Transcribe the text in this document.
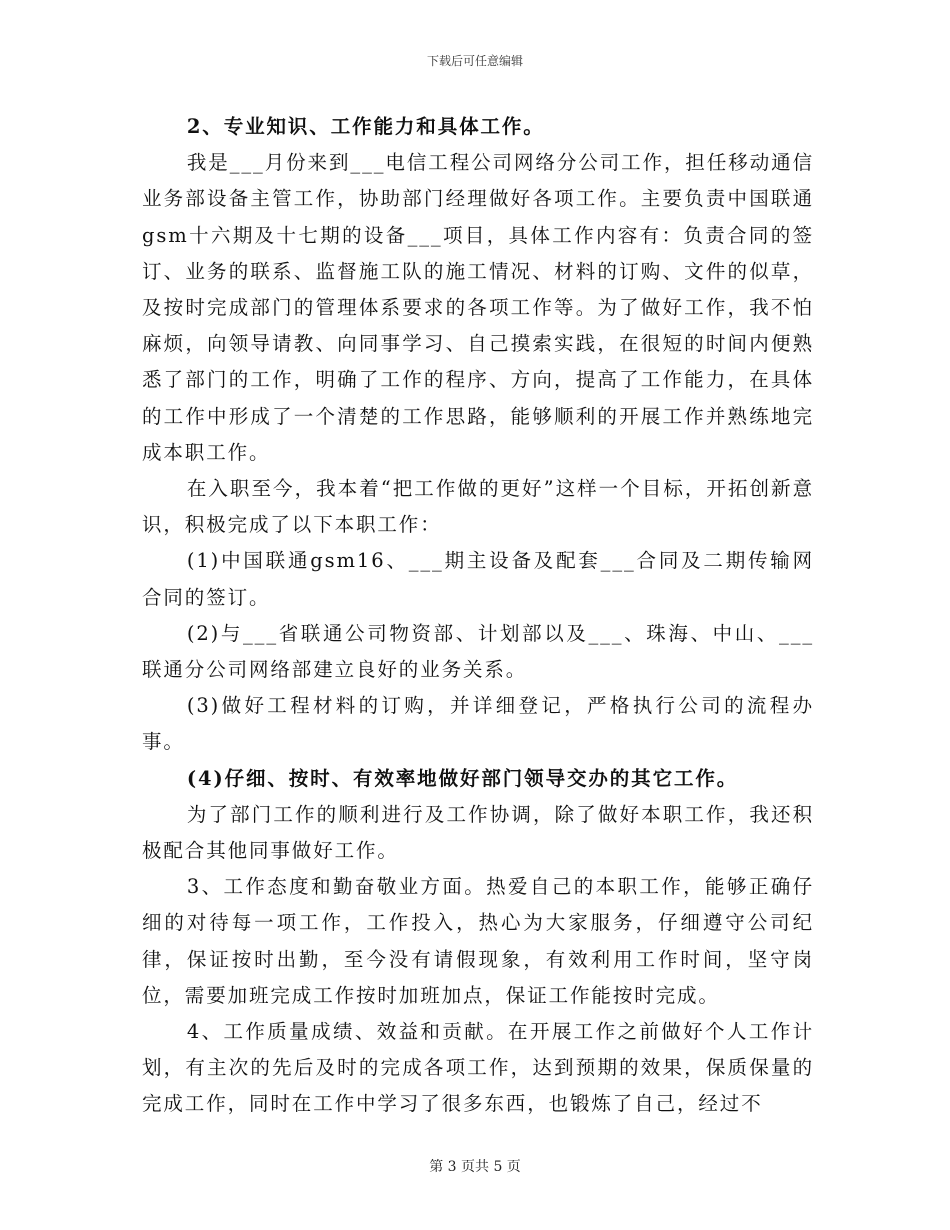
下载后可任意编辑

2、专业知识、工作能力和具体工作。

我是___月份来到___电信工程公司网络分公司工作，担任移动通信业务部设备主管工作，协助部门经理做好各项工作。主要负责中国联通gsm十六期及十七期的设备___项目，具体工作内容有：负责合同的签订、业务的联系、监督施工队的施工情况、材料的订购、文件的似草，及按时完成部门的管理体系要求的各项工作等。为了做好工作，我不怕麻烦，向领导请教、向同事学习、自己摸索实践，在很短的时间内便熟悉了部门的工作，明确了工作的程序、方向，提高了工作能力，在具体的工作中形成了一个清楚的工作思路，能够顺利的开展工作并熟练地完成本职工作。

在入职至今，我本着“把工作做的更好”这样一个目标，开拓创新意识，积极完成了以下本职工作：

(1)中国联通gsm16、___期主设备及配套___合同及二期传输网合同的签订。

(2)与___省联通公司物资部、计划部以及___、珠海、中山、___联通分公司网络部建立良好的业务关系。

(3)做好工程材料的订购，并详细登记，严格执行公司的流程办事。

(4)仔细、按时、有效率地做好部门领导交办的其它工作。

为了部门工作的顺利进行及工作协调，除了做好本职工作，我还积极配合其他同事做好工作。

3、工作态度和勤奋敬业方面。热爱自己的本职工作，能够正确仔细的对待每一项工作，工作投入，热心为大家服务，仔细遵守公司纪律，保证按时出勤，至今没有请假现象，有效利用工作时间，坚守岗位，需要加班完成工作按时加班加点，保证工作能按时完成。

4、工作质量成绩、效益和贡献。在开展工作之前做好个人工作计划，有主次的先后及时的完成各项工作，达到预期的效果，保质保量的完成工作，同时在工作中学习了很多东西，也锻炼了自己，经过不

第 3 页共 5 页
